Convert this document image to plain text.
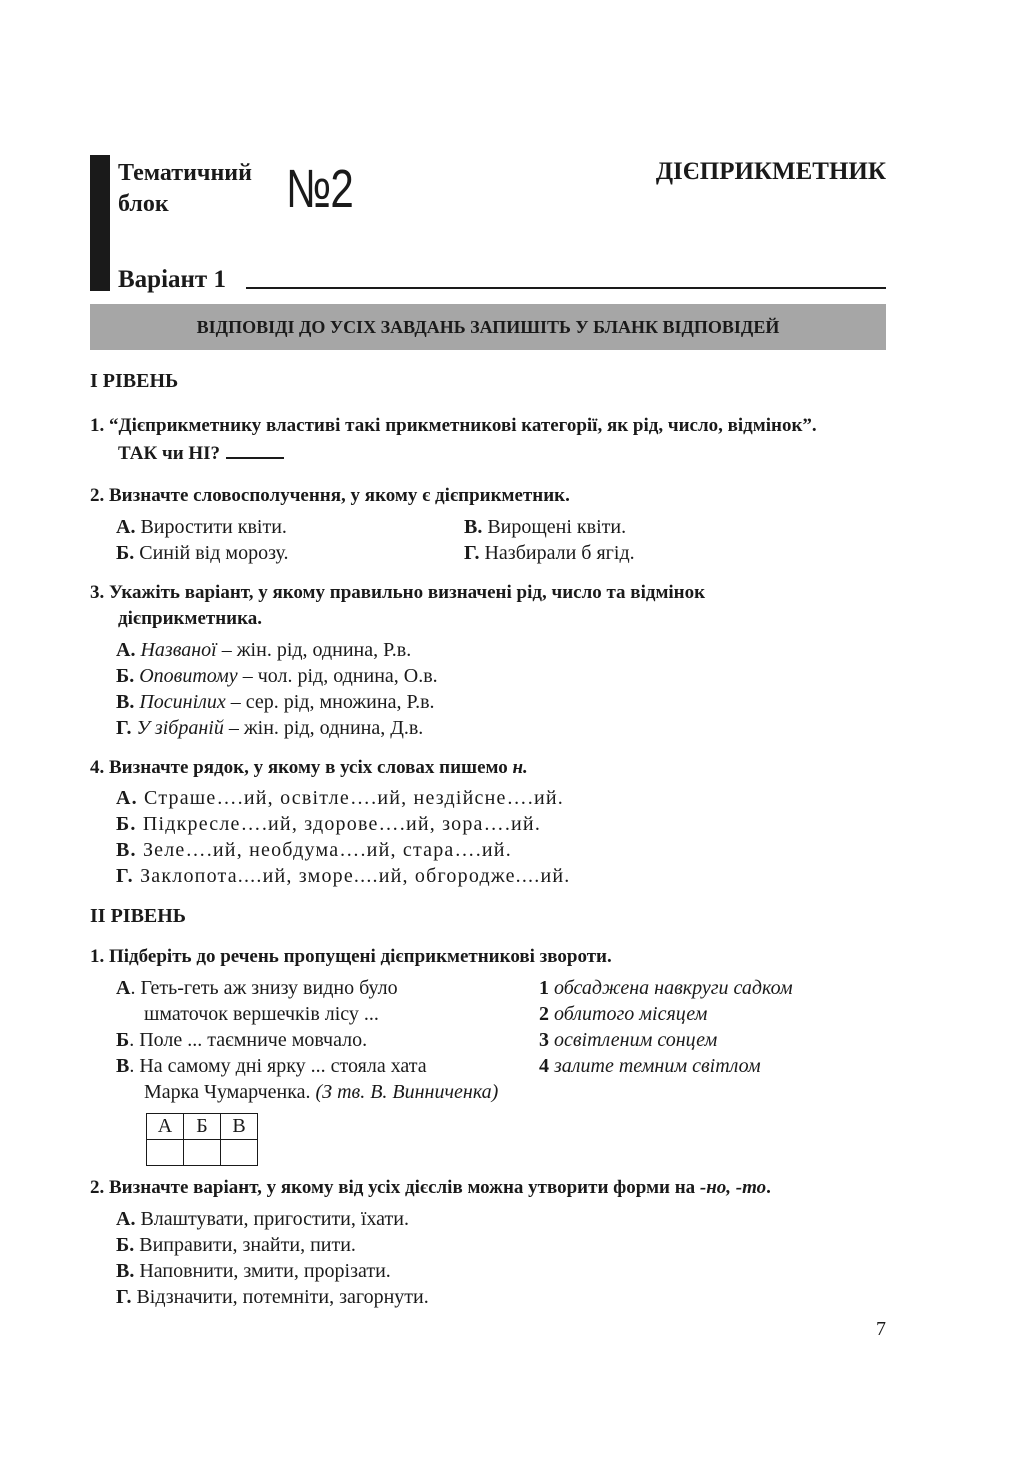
Тематичний
блок	№2	ДІЄПРИКМЕТНИК
Варіант 1
ВІДПОВІДІ ДО УСІХ ЗАВДАНЬ ЗАПИШІТЬ У БЛАНК ВІДПОВІДЕЙ
І РІВЕНЬ
1. “Дієприкметнику властиві такі прикметникові категорії, як рід, число, відмінок”.
ТАК чи НІ?
2. Визначте словосполучення, у якому є дієприкметник.
А. Виростити квіти.
Б. Синій від морозу.
В. Вирощені квіти.
Г. Назбирали б ягід.
3. Укажіть варіант, у якому правильно визначені рід, число та відмінок
дієприкметника.
А. Названої – жін. рід, однина, Р.в.
Б. Оповитому – чол. рід, однина, О.в.
В. Посинілих – сер. рід, множина, Р.в.
Г. У зібраній – жін. рід, однина, Д.в.
4. Визначте рядок, у якому в усіх словах пишемо н.
А. Страше….ий, освітле….ий, нездійсне….ий.
Б. Підкресле….ий, здорове….ий, зора….ий.
В. Зеле….ий, необдума….ий, стара….ий.
Г. Заклопота....ий, зморе....ий, обгородже....ий.
ІІ РІВЕНЬ
1. Підберіть до речень пропущені дієприкметникові звороти.
А. Геть-геть аж знизу видно було
шматочок вершечків лісу ...
Б. Поле ... таємниче мовчало.
В. На самому дні ярку ... стояла хата
Марка Чумарченка. (З тв. В. Винниченка)
1 обсаджена навкруги садком
2 облитого місяцем
3 освітленим сонцем
4 залите темним світлом
А	Б	В

2. Визначте варіант, у якому від усіх дієслів можна утворити форми на -но, -то.
А. Влаштувати, пригостити, їхати.
Б. Виправити, знайти, пити.
В. Наповнити, змити, прорізати.
Г. Відзначити, потемніти, загорнути.
7
